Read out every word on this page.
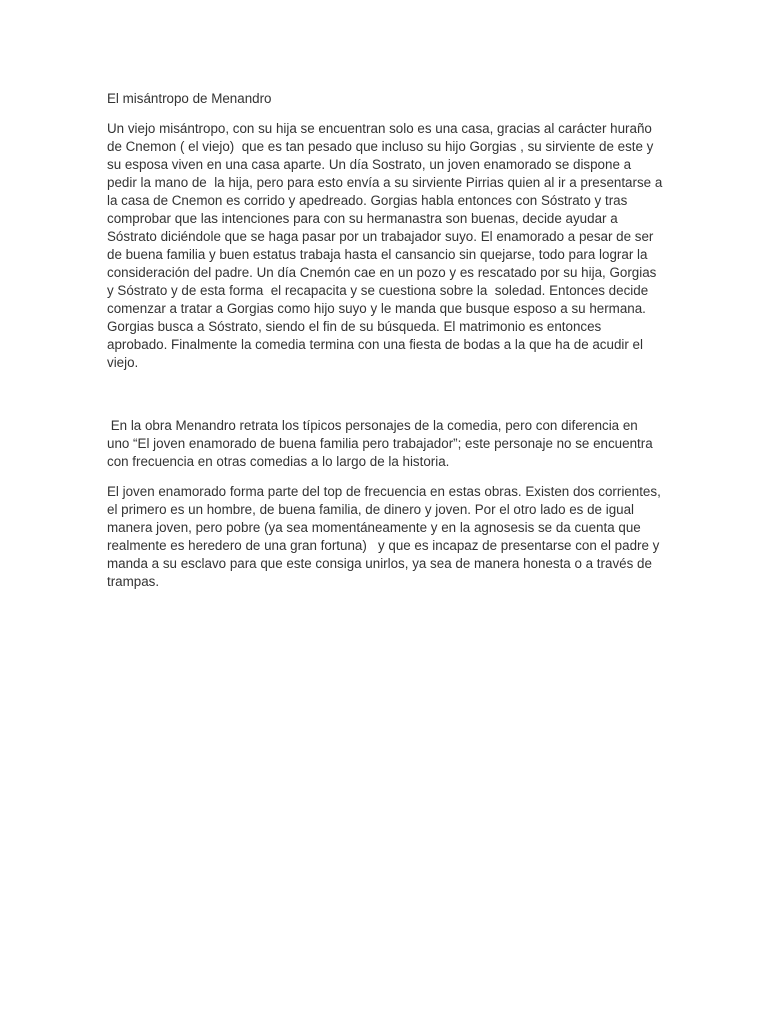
El misántropo de Menandro

Un viejo misántropo, con su hija se encuentran solo es una casa, gracias al carácter huraño de Cnemon ( el viejo)  que es tan pesado que incluso su hijo Gorgias , su sirviente de este y su esposa viven en una casa aparte. Un día Sostrato, un joven enamorado se dispone a pedir la mano de  la hija, pero para esto envía a su sirviente Pirrias quien al ir a presentarse a la casa de Cnemon es corrido y apedreado. Gorgias habla entonces con Sóstrato y tras comprobar que las intenciones para con su hermanastra son buenas, decide ayudar a Sóstrato diciéndole que se haga pasar por un trabajador suyo. El enamorado a pesar de ser de buena familia y buen estatus trabaja hasta el cansancio sin quejarse, todo para lograr la consideración del padre. Un día Cnemón cae en un pozo y es rescatado por su hija, Gorgias y Sóstrato y de esta forma  el recapacita y se cuestiona sobre la  soledad. Entonces decide comenzar a tratar a Gorgias como hijo suyo y le manda que busque esposo a su hermana. Gorgias busca a Sóstrato, siendo el fin de su búsqueda. El matrimonio es entonces aprobado. Finalmente la comedia termina con una fiesta de bodas a la que ha de acudir el viejo.

En la obra Menandro retrata los típicos personajes de la comedia, pero con diferencia en uno “El joven enamorado de buena familia pero trabajador”; este personaje no se encuentra con frecuencia en otras comedias a lo largo de la historia.

El joven enamorado forma parte del top de frecuencia en estas obras. Existen dos corrientes, el primero es un hombre, de buena familia, de dinero y joven. Por el otro lado es de igual manera joven, pero pobre (ya sea momentáneamente y en la agnosesis se da cuenta que realmente es heredero de una gran fortuna)   y que es incapaz de presentarse con el padre y manda a su esclavo para que este consiga unirlos, ya sea de manera honesta o a través de trampas.
